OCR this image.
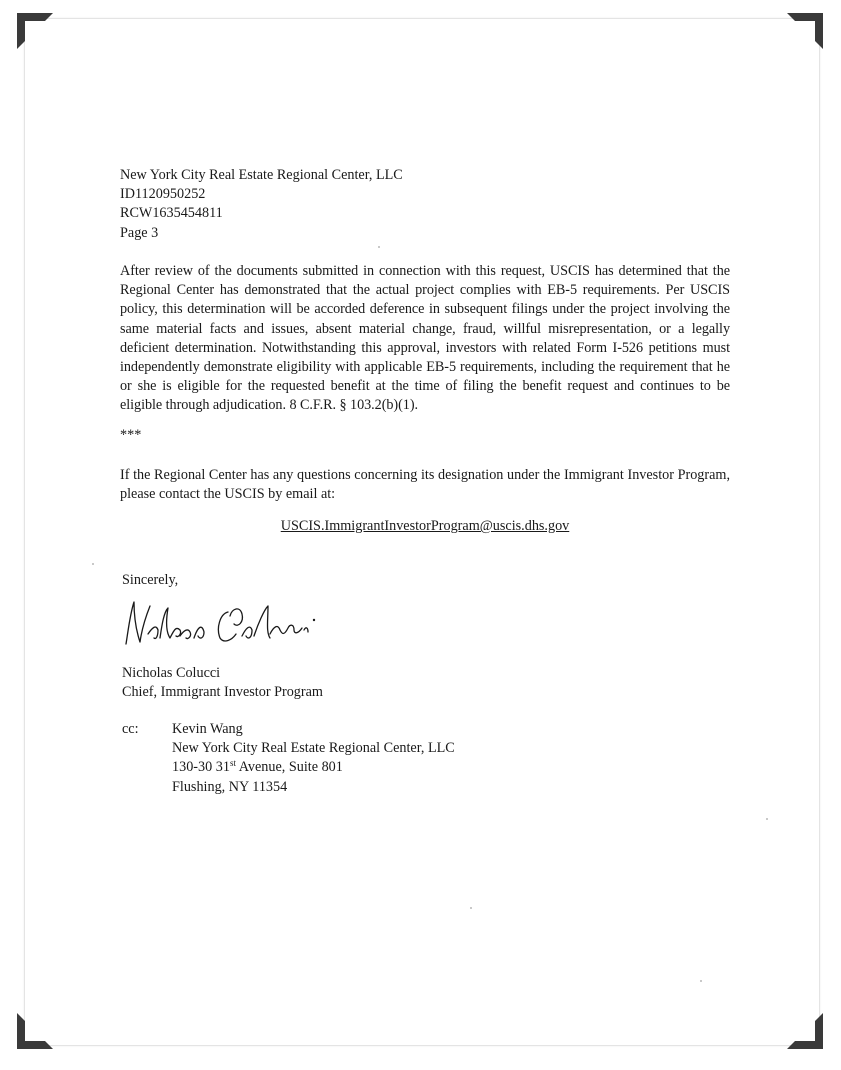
New York City Real Estate Regional Center, LLC
ID1120950252
RCW1635454811
Page 3
After review of the documents submitted in connection with this request, USCIS has determined that the Regional Center has demonstrated that the actual project complies with EB-5 requirements. Per USCIS policy, this determination will be accorded deference in subsequent filings under the project involving the same material facts and issues, absent material change, fraud, willful misrepresentation, or a legally deficient determination. Notwithstanding this approval, investors with related Form I-526 petitions must independently demonstrate eligibility with applicable EB-5 requirements, including the requirement that he or she is eligible for the requested benefit at the time of filing the benefit request and continues to be eligible through adjudication. 8 C.F.R. § 103.2(b)(1).
***
If the Regional Center has any questions concerning its designation under the Immigrant Investor Program, please contact the USCIS by email at:
USCIS.ImmigrantInvestorProgram@uscis.dhs.gov
Sincerely,
Nicholas Colucci
Chief, Immigrant Investor Program
cc: Kevin Wang
New York City Real Estate Regional Center, LLC
130-30 31st Avenue, Suite 801
Flushing, NY 11354
